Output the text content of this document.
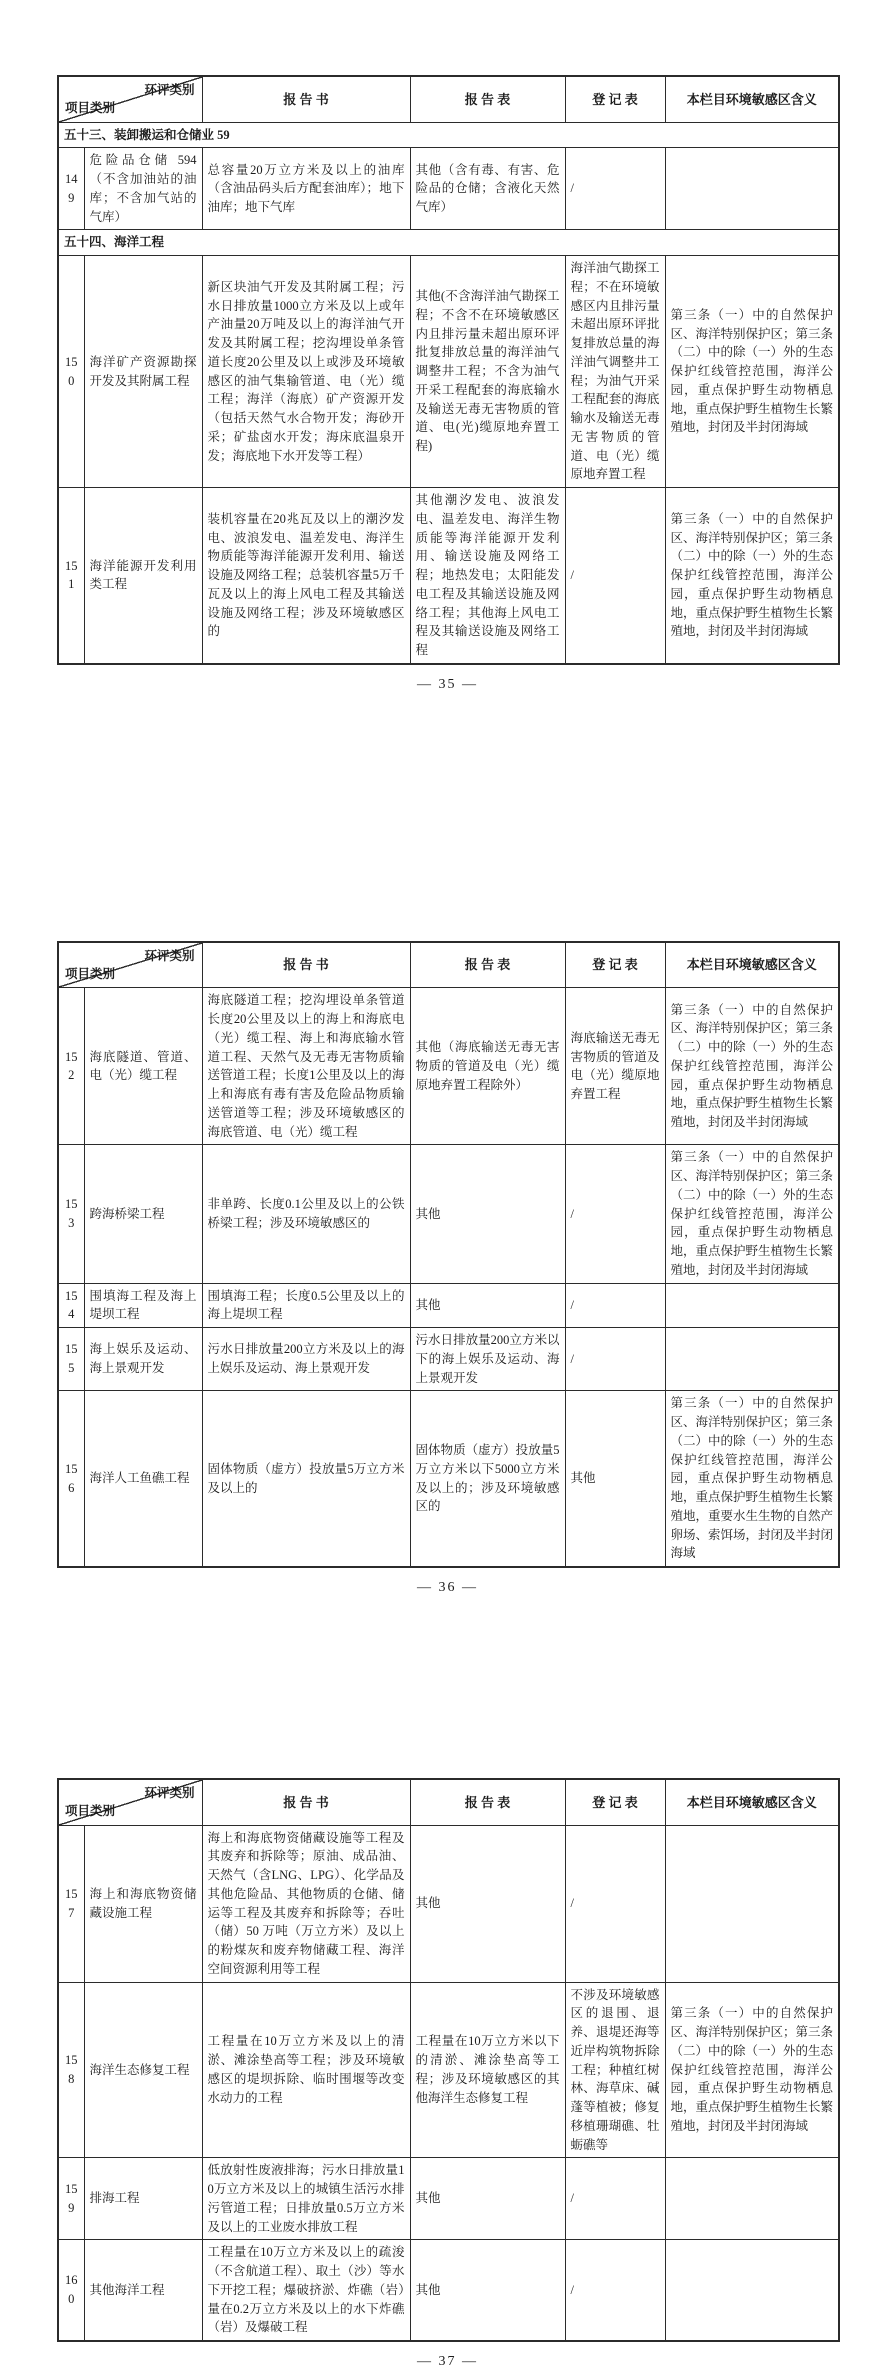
环评类别
项目类别		报 告 书	报 告 表	登 记 表	本栏目环境敏感区含义
五十三、装卸搬运和仓储业 59					
149	危险品仓储 594（不含加油站的油库；不含加气站的气库）	总容量20万立方米及以上的油库（含油品码头后方配套油库）；地下油库；地下气库	其他（含有毒、有害、危险品的仓储；含液化天然气库）	/	
五十四、海洋工程					
150	海洋矿产资源勘探开发及其附属工程	新区块油气开发及其附属工程；污水日排放量1000立方米及以上或年产油量20万吨及以上的海洋油气开发及其附属工程；挖沟埋设单条管道长度20公里及以上或涉及环境敏感区的油气集输管道、电（光）缆工程；海洋（海底）矿产资源开发（包括天然气水合物开发；海砂开采；矿盐卤水开发；海床底温泉开发；海底地下水开发等工程）	其他(不含海洋油气勘探工程；不含不在环境敏感区内且排污量未超出原环评批复排放总量的海洋油气调整井工程；不含为油气开采工程配套的海底输水及输送无毒无害物质的管道、电(光)缆原地弃置工程)	海洋油气勘探工程；不在环境敏感区内且排污量未超出原环评批复排放总量的海洋油气调整井工程；为油气开采工程配套的海底输水及输送无毒无害物质的管道、电（光）缆原地弃置工程	第三条（一）中的自然保护区、海洋特别保护区；第三条（二）中的除（一）外的生态保护红线管控范围，海洋公园，重点保护野生动物栖息地，重点保护野生植物生长繁殖地，封闭及半封闭海域
151	海洋能源开发利用类工程	装机容量在20兆瓦及以上的潮汐发电、波浪发电、温差发电、海洋生物质能等海洋能源开发利用、输送设施及网络工程；总装机容量5万千瓦及以上的海上风电工程及其输送设施及网络工程；涉及环境敏感区的	其他潮汐发电、波浪发电、温差发电、海洋生物质能等海洋能源开发利用、输送设施及网络工程；地热发电；太阳能发电工程及其输送设施及网络工程；其他海上风电工程及其输送设施及网络工程	/	第三条（一）中的自然保护区、海洋特别保护区；第三条（二）中的除（一）外的生态保护红线管控范围，海洋公园，重点保护野生动物栖息地，重点保护野生植物生长繁殖地，封闭及半封闭海域
— 35 —
环评类别
项目类别		报 告 书	报 告 表	登 记 表	本栏目环境敏感区含义
152	海底隧道、管道、电（光）缆工程	海底隧道工程；挖沟埋设单条管道长度20公里及以上的海上和海底电（光）缆工程、海上和海底输水管道工程、天然气及无毒无害物质输送管道工程；长度1公里及以上的海上和海底有毒有害及危险品物质输送管道等工程；涉及环境敏感区的海底管道、电（光）缆工程	其他（海底输送无毒无害物质的管道及电（光）缆原地弃置工程除外）	海底输送无毒无害物质的管道及电（光）缆原地弃置工程	第三条（一）中的自然保护区、海洋特别保护区；第三条（二）中的除（一）外的生态保护红线管控范围，海洋公园，重点保护野生动物栖息地，重点保护野生植物生长繁殖地，封闭及半封闭海域
153	跨海桥梁工程	非单跨、长度0.1公里及以上的公铁桥梁工程；涉及环境敏感区的	其他	/	第三条（一）中的自然保护区、海洋特别保护区；第三条（二）中的除（一）外的生态保护红线管控范围，海洋公园，重点保护野生动物栖息地，重点保护野生植物生长繁殖地，封闭及半封闭海域
154	围填海工程及海上堤坝工程	围填海工程；长度0.5公里及以上的海上堤坝工程	其他	/	
155	海上娱乐及运动、海上景观开发	污水日排放量200立方米及以上的海上娱乐及运动、海上景观开发	污水日排放量200立方米以下的海上娱乐及运动、海上景观开发	/	
156	海洋人工鱼礁工程	固体物质（虚方）投放量5万立方米及以上的	固体物质（虚方）投放量5万立方米以下5000立方米及以上的；涉及环境敏感区的	其他	第三条（一）中的自然保护区、海洋特别保护区；第三条（二）中的除（一）外的生态保护红线管控范围，海洋公园，重点保护野生动物栖息地，重点保护野生植物生长繁殖地，重要水生生物的自然产卵场、索饵场，封闭及半封闭海域
— 36 —
环评类别
项目类别		报 告 书	报 告 表	登 记 表	本栏目环境敏感区含义
157	海上和海底物资储藏设施工程	海上和海底物资储藏设施等工程及其废弃和拆除等；原油、成品油、天然气（含LNG、LPG）、化学品及其他危险品、其他物质的仓储、储运等工程及其废弃和拆除等；吞吐（储）50 万吨（万立方米）及以上的粉煤灰和废弃物储藏工程、海洋空间资源利用等工程	其他	/	
158	海洋生态修复工程	工程量在10万立方米及以上的清淤、滩涂垫高等工程；涉及环境敏感区的堤坝拆除、临时围堰等改变水动力的工程	工程量在10万立方米以下的清淤、滩涂垫高等工程；涉及环境敏感区的其他海洋生态修复工程	不涉及环境敏感区的退围、退养、退堤还海等近岸构筑物拆除工程；种植红树林、海草床、碱蓬等植被；修复移植珊瑚礁、牡蛎礁等	第三条（一）中的自然保护区、海洋特别保护区；第三条（二）中的除（一）外的生态保护红线管控范围，海洋公园，重点保护野生动物栖息地，重点保护野生植物生长繁殖地，封闭及半封闭海域
159	排海工程	低放射性废液排海；污水日排放量10万立方米及以上的城镇生活污水排污管道工程；日排放量0.5万立方米及以上的工业废水排放工程	其他	/	
160	其他海洋工程	工程量在10万立方米及以上的疏浚（不含航道工程）、取土（沙）等水下开挖工程；爆破挤淤、炸礁（岩）量在0.2万立方米及以上的水下炸礁（岩）及爆破工程	其他	/	
— 37 —
